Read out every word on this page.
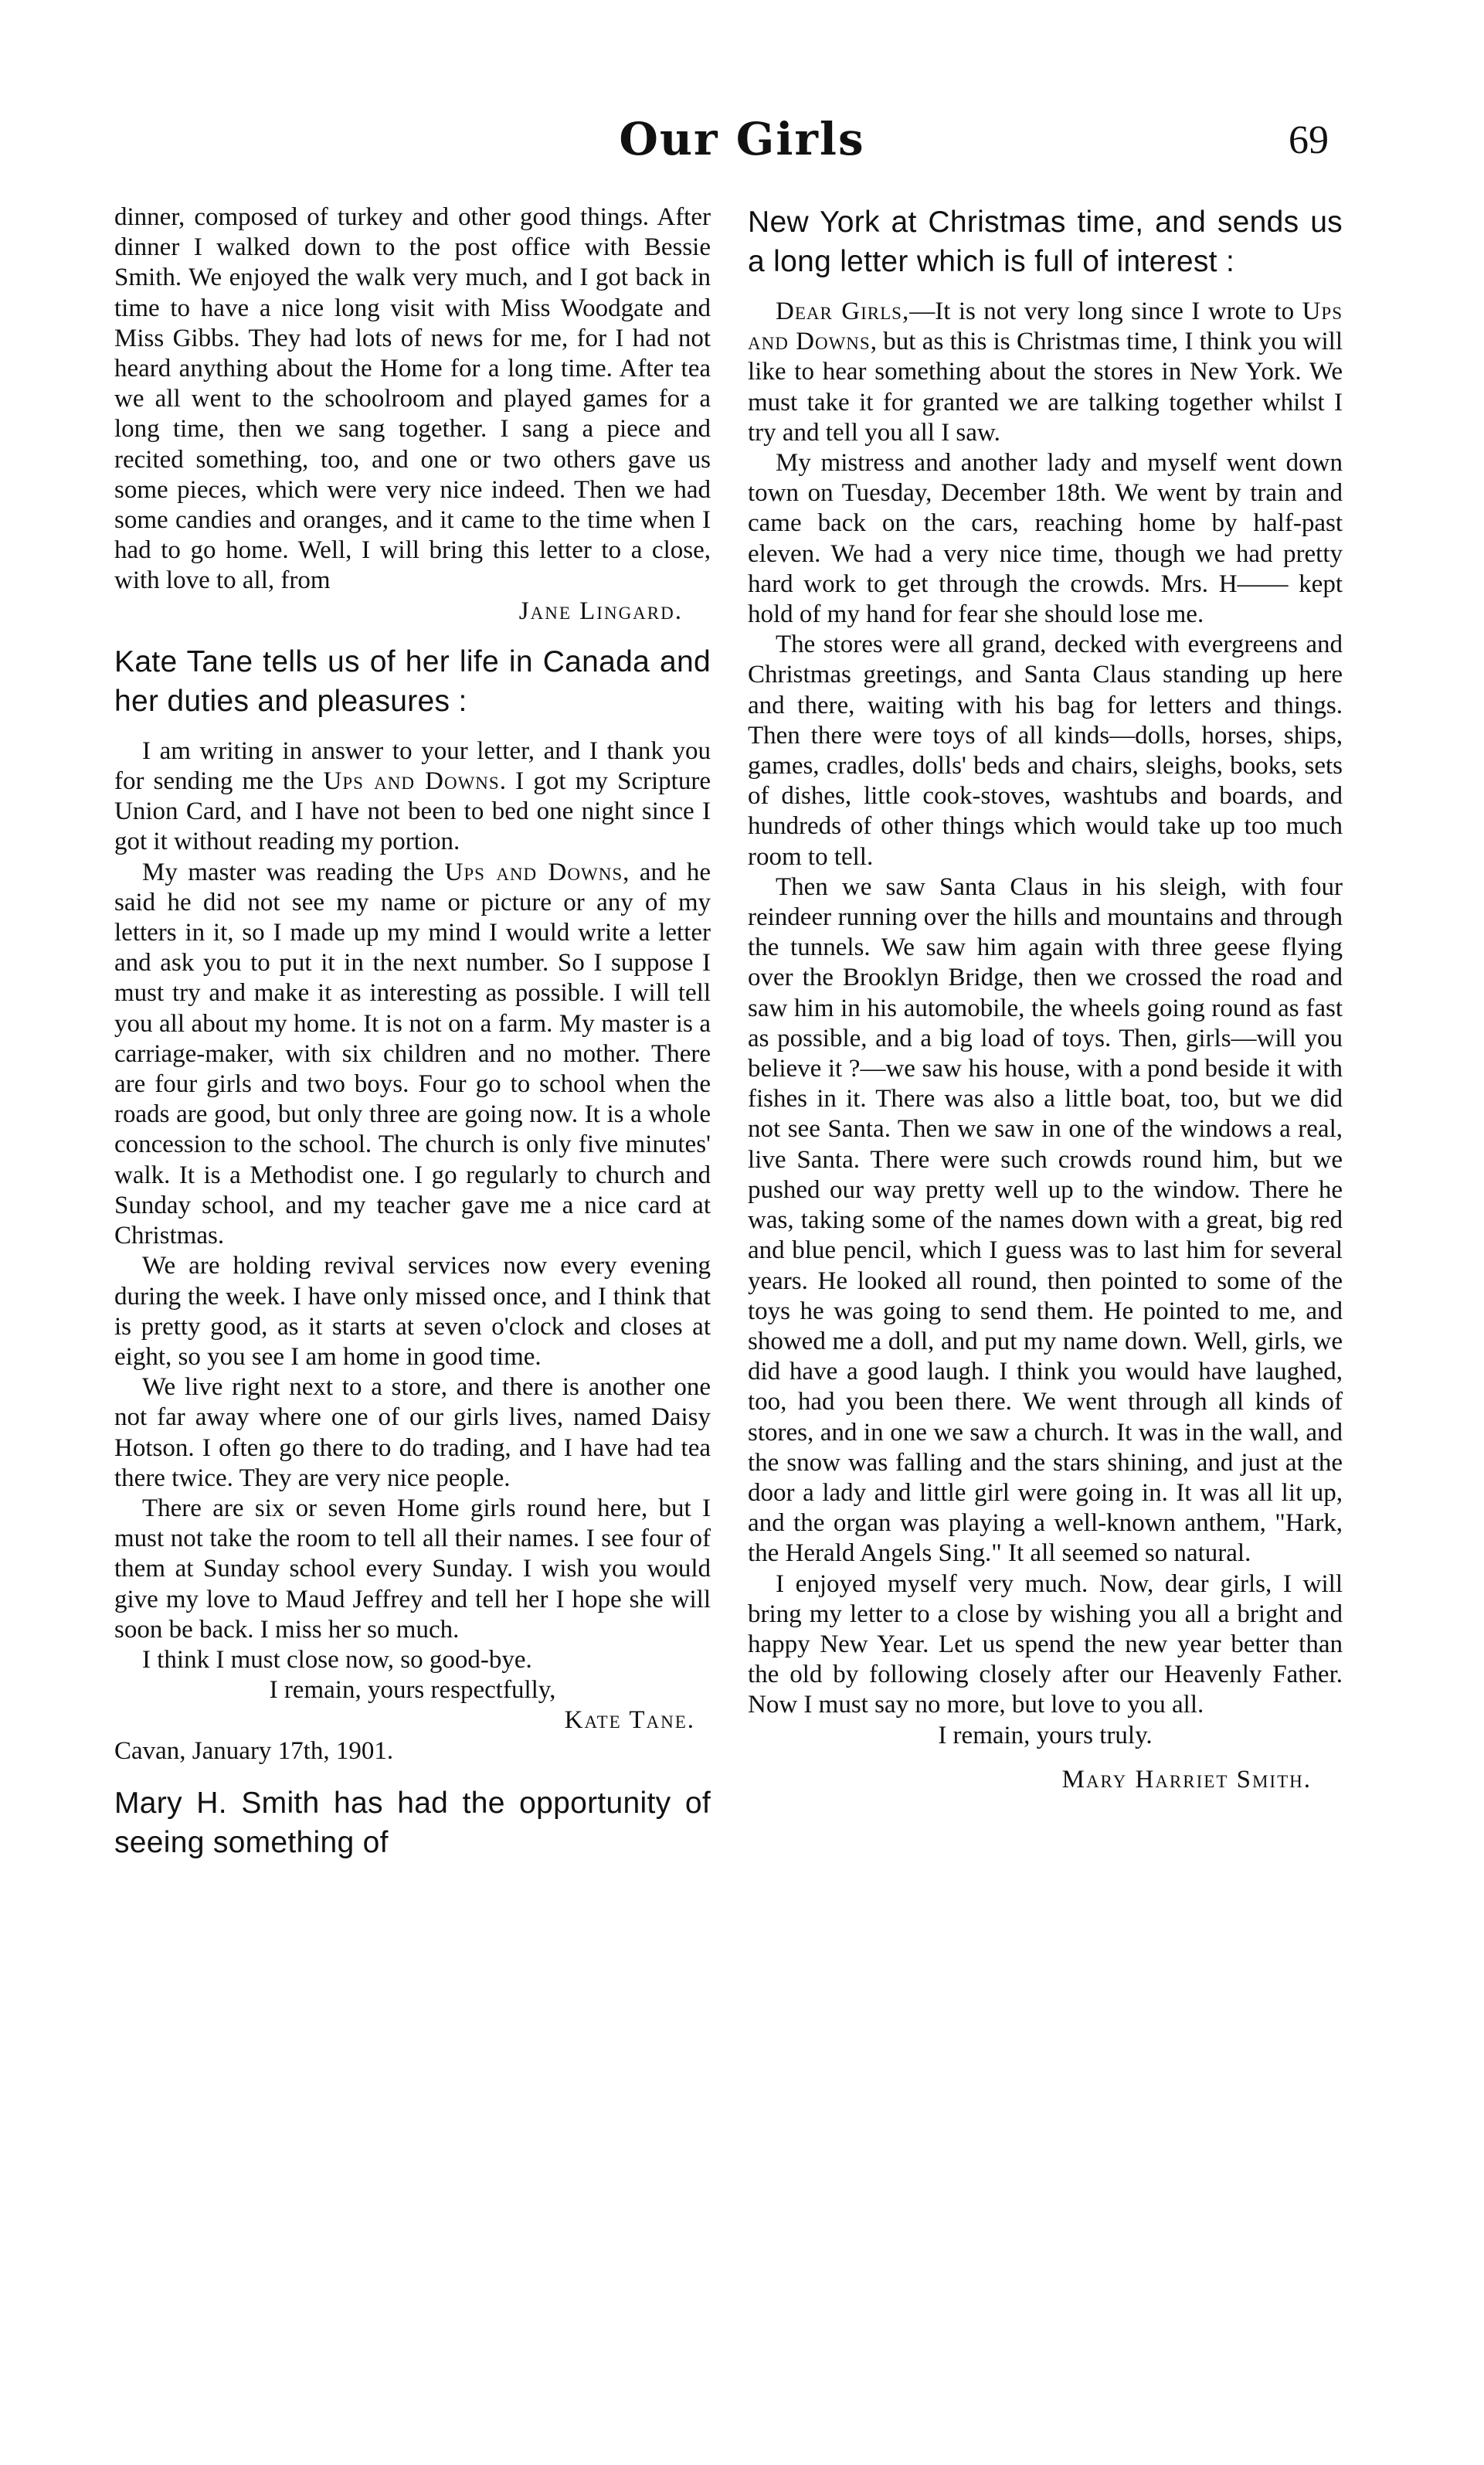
Our Girls	69

dinner, composed of turkey and other good things. After dinner I walked down to the post office with Bessie Smith. We enjoyed the walk very much, and I got back in time to have a nice long visit with Miss Woodgate and Miss Gibbs. They had lots of news for me, for I had not heard anything about the Home for a long time. After tea we all went to the schoolroom and played games for a long time, then we sang together. I sang a piece and recited something, too, and one or two others gave us some pieces, which were very nice indeed. Then we had some candies and oranges, and it came to the time when I had to go home. Well, I will bring this letter to a close, with love to all, from

Jane Lingard.

Kate Tane tells us of her life in Canada and her duties and pleasures :

I am writing in answer to your letter, and I thank you for sending me the Ups and Downs. I got my Scripture Union Card, and I have not been to bed one night since I got it without reading my portion.

My master was reading the Ups and Downs, and he said he did not see my name or picture or any of my letters in it, so I made up my mind I would write a letter and ask you to put it in the next number. So I suppose I must try and make it as interesting as possible. I will tell you all about my home. It is not on a farm. My master is a carriage-maker, with six children and no mother. There are four girls and two boys. Four go to school when the roads are good, but only three are going now. It is a whole concession to the school. The church is only five minutes' walk. It is a Methodist one. I go regularly to church and Sunday school, and my teacher gave me a nice card at Christmas.

We are holding revival services now every evening during the week. I have only missed once, and I think that is pretty good, as it starts at seven o'clock and closes at eight, so you see I am home in good time.

We live right next to a store, and there is another one not far away where one of our girls lives, named Daisy Hotson. I often go there to do trading, and I have had tea there twice. They are very nice people.

There are six or seven Home girls round here, but I must not take the room to tell all their names. I see four of them at Sunday school every Sunday. I wish you would give my love to Maud Jeffrey and tell her I hope she will soon be back. I miss her so much.

I think I must close now, so good-bye.

I remain, yours respectfully,

Kate Tane.

Cavan, January 17th, 1901.

Mary H. Smith has had the opportunity of seeing something of

New York at Christmas time, and sends us a long letter which is full of interest :

Dear Girls,—It is not very long since I wrote to Ups and Downs, but as this is Christmas time, I think you will like to hear something about the stores in New York. We must take it for granted we are talking together whilst I try and tell you all I saw.

My mistress and another lady and myself went down town on Tuesday, December 18th. We went by train and came back on the cars, reaching home by half-past eleven. We had a very nice time, though we had pretty hard work to get through the crowds. Mrs. H—— kept hold of my hand for fear she should lose me.

The stores were all grand, decked with evergreens and Christmas greetings, and Santa Claus standing up here and there, waiting with his bag for letters and things. Then there were toys of all kinds—dolls, horses, ships, games, cradles, dolls' beds and chairs, sleighs, books, sets of dishes, little cook-stoves, washtubs and boards, and hundreds of other things which would take up too much room to tell.

Then we saw Santa Claus in his sleigh, with four reindeer running over the hills and mountains and through the tunnels. We saw him again with three geese flying over the Brooklyn Bridge, then we crossed the road and saw him in his automobile, the wheels going round as fast as possible, and a big load of toys. Then, girls—will you believe it ?—we saw his house, with a pond beside it with fishes in it. There was also a little boat, too, but we did not see Santa. Then we saw in one of the windows a real, live Santa. There were such crowds round him, but we pushed our way pretty well up to the window. There he was, taking some of the names down with a great, big red and blue pencil, which I guess was to last him for several years. He looked all round, then pointed to some of the toys he was going to send them. He pointed to me, and showed me a doll, and put my name down. Well, girls, we did have a good laugh. I think you would have laughed, too, had you been there. We went through all kinds of stores, and in one we saw a church. It was in the wall, and the snow was falling and the stars shining, and just at the door a lady and little girl were going in. It was all lit up, and the organ was playing a well-known anthem, "Hark, the Herald Angels Sing." It all seemed so natural.

I enjoyed myself very much. Now, dear girls, I will bring my letter to a close by wishing you all a bright and happy New Year. Let us spend the new year better than the old by following closely after our Heavenly Father. Now I must say no more, but love to you all.

I remain, yours truly.

Mary Harriet Smith.
